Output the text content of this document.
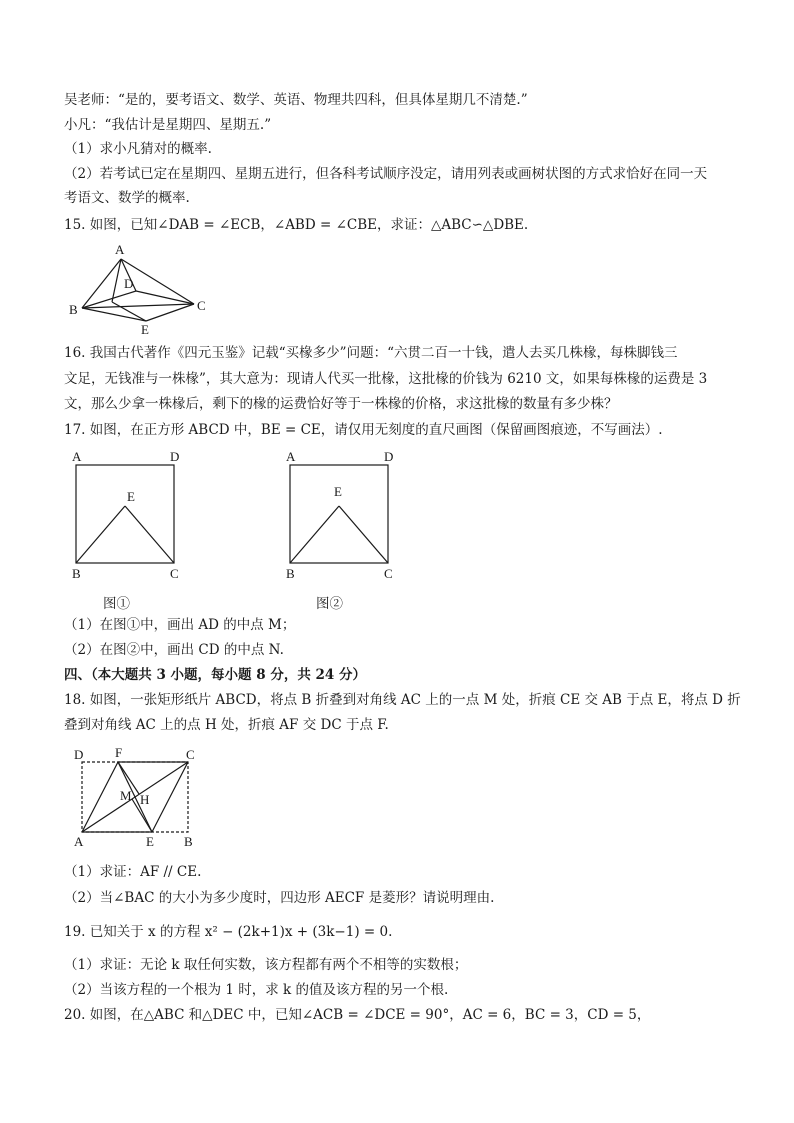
吴老师：“是的，要考语文、数学、英语、物理共四科，但具体星期几不清楚.”
小凡：“我估计是星期四、星期五.”
（1）求小凡猜对的概率.
（2）若考试已定在星期四、星期五进行，但各科考试顺序没定，请用列表或画树状图的方式求恰好在同一天
考语文、数学的概率.
15. 如图，已知∠DAB = ∠ECB，∠ABD = ∠CBE，求证：△ABC∽△DBE.
A
D
B	C
E
16. 我国古代著作《四元玉鉴》记载“买椽多少”问题：“六贯二百一十钱，遣人去买几株椽，每株脚钱三
文足，无钱准与一株椽”，其大意为：现请人代买一批椽，这批椽的价钱为 6210 文，如果每株椽的运费是 3
文，那么少拿一株椽后，剩下的椽的运费恰好等于一株椽的价格，求这批椽的数量有多少株？
17. 如图，在正方形 ABCD 中，BE = CE，请仅用无刻度的直尺画图（保留画图痕迹，不写画法）.
A	D
E
B	C
图①
A	D
E
B	C
图②
（1）在图①中，画出 AD 的中点 M；
（2）在图②中，画出 CD 的中点 N.
四、（本大题共 3 小题，每小题 8 分，共 24 分）
18. 如图，一张矩形纸片 ABCD，将点 B 折叠到对角线 AC 上的一点 M 处，折痕 CE 交 AB 于点 E，将点 D 折
叠到对角线 AC 上的点 H 处，折痕 AF 交 DC 于点 F.
D F	C
M H
A	E B
（1）求证：AF // CE.
（2）当∠BAC 的大小为多少度时，四边形 AECF 是菱形？请说明理由.
19. 已知关于 x 的方程 x² − (2k+1)x + (3k−1) = 0.
（1）求证：无论 k 取任何实数，该方程都有两个不相等的实数根；
（2）当该方程的一个根为 1 时，求 k 的值及该方程的另一个根.
20. 如图，在△ABC 和△DEC 中，已知∠ACB = ∠DCE = 90°，AC = 6，BC = 3，CD = 5，
